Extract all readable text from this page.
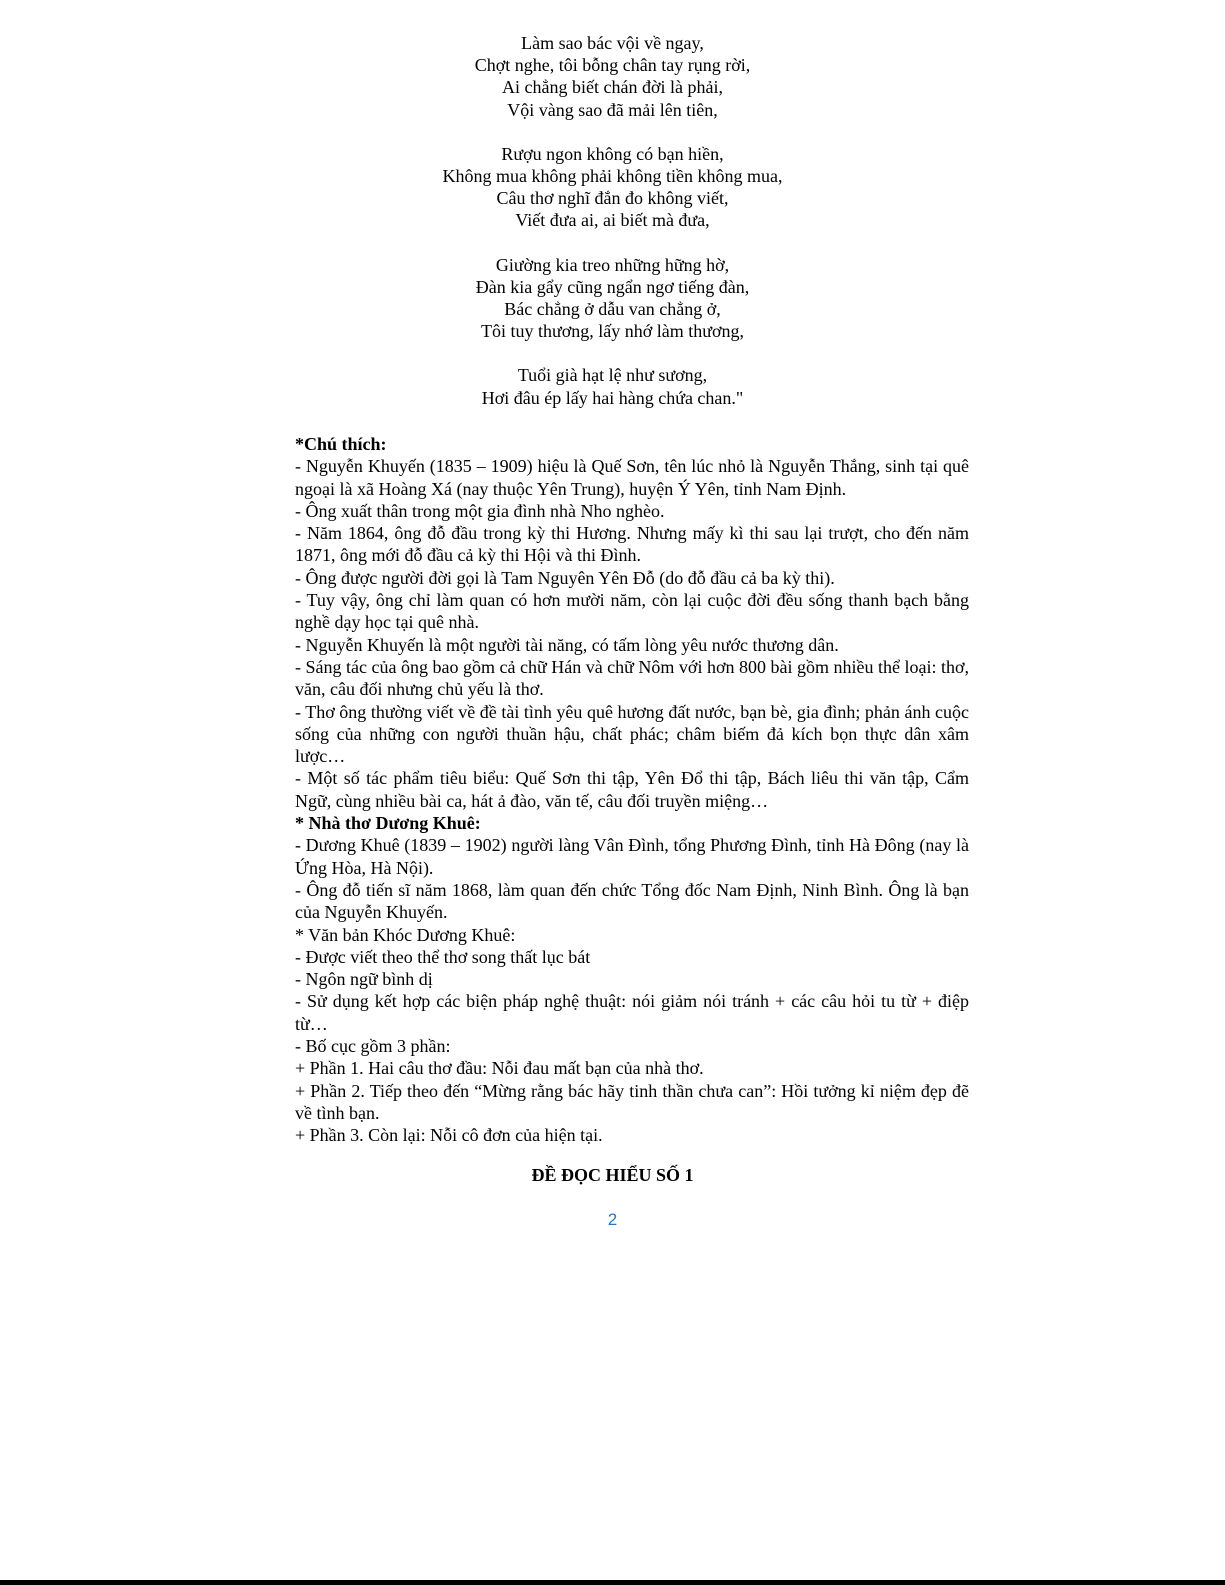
Làm sao bác vội về ngay,
Chợt nghe, tôi bỗng chân tay rụng rời,
Ai chẳng biết chán đời là phải,
Vội vàng sao đã mải lên tiên,
Rượu ngon không có bạn hiền,
Không mua không phải không tiền không mua,
Câu thơ nghĩ đắn đo không viết,
Viết đưa ai, ai biết mà đưa,
Giường kia treo những hững hờ,
Đàn kia gẩy cũng ngẩn ngơ tiếng đàn,
Bác chẳng ở dẫu van chẳng ở,
Tôi tuy thương, lấy nhớ làm thương,
Tuổi già hạt lệ như sương,
Hơi đâu ép lấy hai hàng chứa chan."

*Chú thích:

- Nguyễn Khuyến (1835 – 1909) hiệu là Quế Sơn, tên lúc nhỏ là Nguyễn Thắng, sinh tại quê ngoại là xã Hoàng Xá (nay thuộc Yên Trung), huyện Ý Yên, tỉnh Nam Định.

- Ông xuất thân trong một gia đình nhà Nho nghèo.

- Năm 1864, ông đỗ đầu trong kỳ thi Hương. Nhưng mấy kì thi sau lại trượt, cho đến năm 1871, ông mới đỗ đầu cả kỳ thi Hội và thi Đình.

- Ông được người đời gọi là Tam Nguyên Yên Đỗ (do đỗ đầu cả ba kỳ thi).

- Tuy vậy, ông chỉ làm quan có hơn mười năm, còn lại cuộc đời đều sống thanh bạch bằng nghề dạy học tại quê nhà.

- Nguyễn Khuyến là một người tài năng, có tấm lòng yêu nước thương dân.

- Sáng tác của ông bao gồm cả chữ Hán và chữ Nôm với hơn 800 bài gồm nhiều thể loại: thơ, văn, câu đối nhưng chủ yếu là thơ.

- Thơ ông thường viết về đề tài tình yêu quê hương đất nước, bạn bè, gia đình; phản ánh cuộc sống của những con người thuần hậu, chất phác; châm biếm đả kích bọn thực dân xâm lược…

- Một số tác phẩm tiêu biểu: Quế Sơn thi tập, Yên Đổ thi tập, Bách liêu thi văn tập, Cẩm Ngữ, cùng nhiều bài ca, hát ả đào, văn tế, câu đối truyền miệng…

* Nhà thơ Dương Khuê:

- Dương Khuê (1839 – 1902) người làng Vân Đình, tổng Phương Đình, tỉnh Hà Đông (nay là Ứng Hòa, Hà Nội).

- Ông đỗ tiến sĩ năm 1868, làm quan đến chức Tổng đốc Nam Định, Ninh Bình. Ông là bạn của Nguyễn Khuyến.

* Văn bản Khóc Dương Khuê:

- Được viết theo thể thơ song thất lục bát

- Ngôn ngữ bình dị

- Sử dụng kết hợp các biện pháp nghệ thuật: nói giảm nói tránh + các câu hỏi tu từ + điệp từ…

- Bố cục gồm 3 phần:

+ Phần 1. Hai câu thơ đầu: Nỗi đau mất bạn của nhà thơ.

+ Phần 2. Tiếp theo đến “Mừng rằng bác hãy tinh thần chưa can”: Hồi tưởng kỉ niệm đẹp đẽ về tình bạn.

+ Phần 3. Còn lại: Nỗi cô đơn của hiện tại.

ĐỀ ĐỌC HIỂU SỐ 1
2
